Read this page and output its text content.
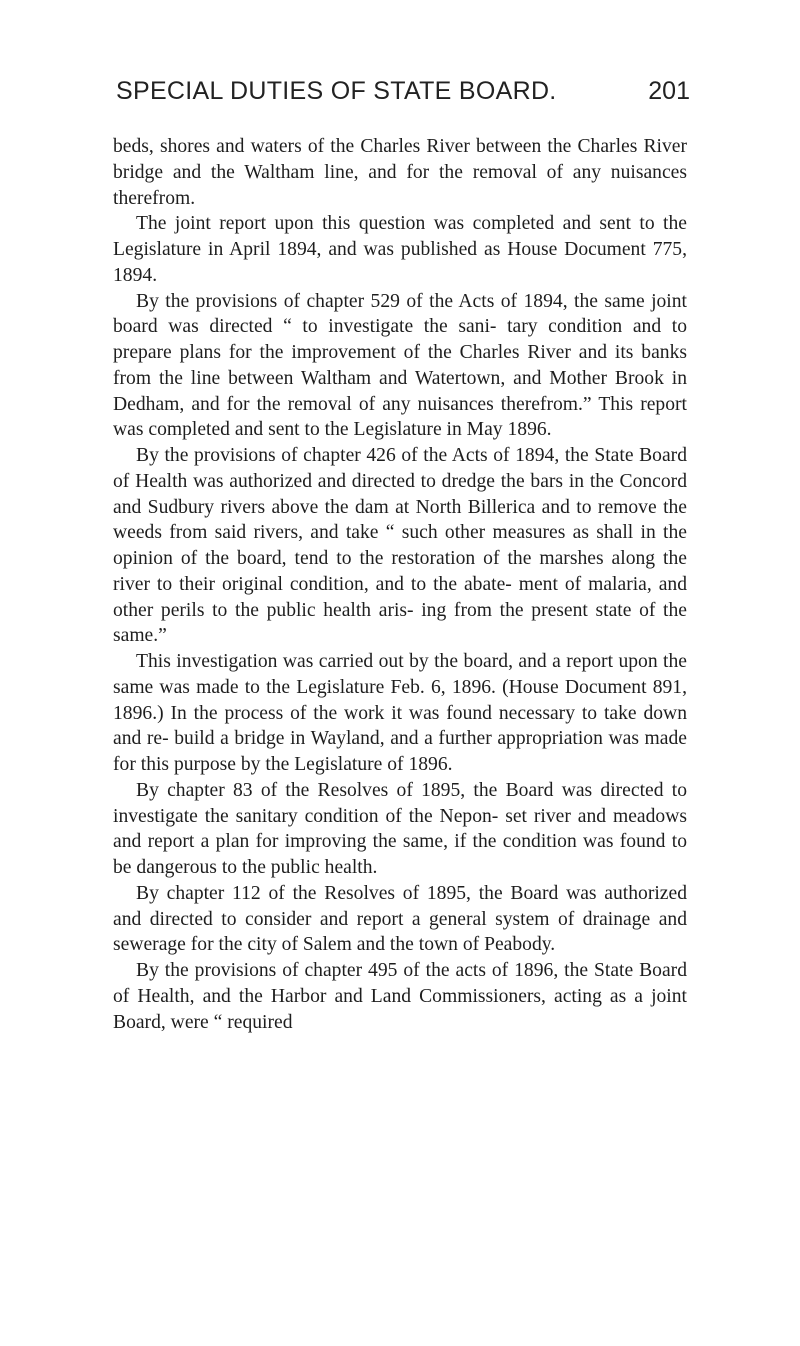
SPECIAL DUTIES OF STATE BOARD.	201

beds, shores and waters of the Charles River between the Charles River bridge and the Waltham line, and for the removal of any nuisances therefrom.

The joint report upon this question was completed and sent to the Legislature in April 1894, and was published as House Document 775, 1894.

By the provisions of chapter 529 of the Acts of 1894, the same joint board was directed “ to investigate the sani- tary condition and to prepare plans for the improvement of the Charles River and its banks from the line between Waltham and Watertown, and Mother Brook in Dedham, and for the removal of any nuisances therefrom.” This report was completed and sent to the Legislature in May 1896.

By the provisions of chapter 426 of the Acts of 1894, the State Board of Health was authorized and directed to dredge the bars in the Concord and Sudbury rivers above the dam at North Billerica and to remove the weeds from said rivers, and take “ such other measures as shall in the opinion of the board, tend to the restoration of the marshes along the river to their original condition, and to the abate- ment of malaria, and other perils to the public health aris- ing from the present state of the same.”

This investigation was carried out by the board, and a report upon the same was made to the Legislature Feb. 6, 1896. (House Document 891, 1896.) In the process of the work it was found necessary to take down and re- build a bridge in Wayland, and a further appropriation was made for this purpose by the Legislature of 1896.

By chapter 83 of the Resolves of 1895, the Board was directed to investigate the sanitary condition of the Nepon- set river and meadows and report a plan for improving the same, if the condition was found to be dangerous to the public health.

By chapter 112 of the Resolves of 1895, the Board was authorized and directed to consider and report a general system of drainage and sewerage for the city of Salem and the town of Peabody.

By the provisions of chapter 495 of the acts of 1896, the State Board of Health, and the Harbor and Land Commissioners, acting as a joint Board, were “ required
